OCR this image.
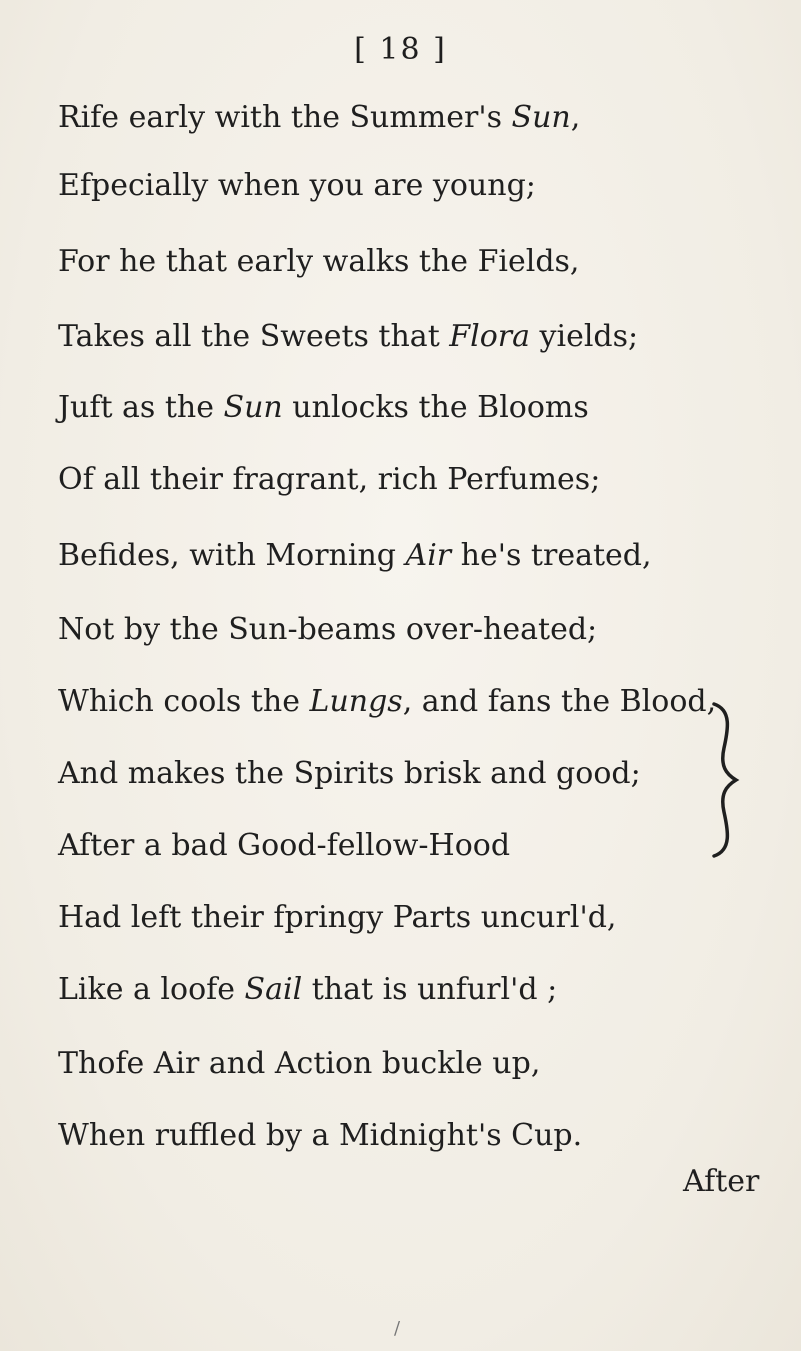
[ 18 ]
Rife early with the Summer's Sun,
Efpecially when you are young;
For he that early walks the Fields,
Takes all the Sweets that Flora yields;
Juft as the Sun unlocks the Blooms
Of all their fragrant, rich Perfumes;
Befides, with Morning Air he's treated,
Not by the Sun-beams over-heated;
Which cools the Lungs, and fans the Blood,
And makes the Spirits brisk and good;
After a bad Good-fellow-Hood
Had left their fpringy Parts uncurl'd,
Like a loofe Sail that is unfurl'd ;
Thofe Air and Action buckle up,
When ruffled by a Midnight's Cup.
After
/
